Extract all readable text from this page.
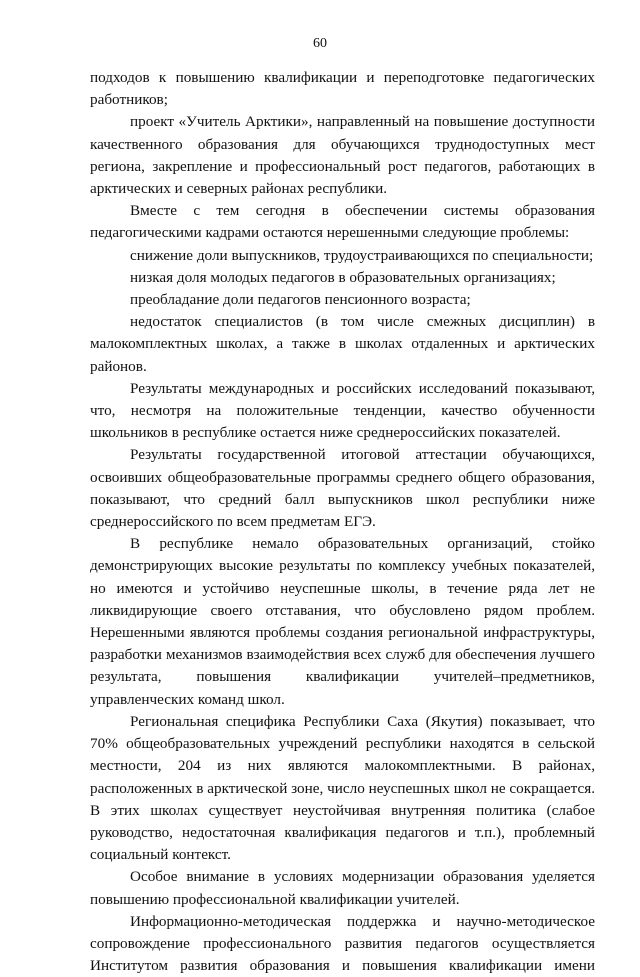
60

подходов к повышению квалификации и переподготовке педагогических работников;

проект «Учитель Арктики», направленный на повышение доступности качественного образования для обучающихся труднодоступных мест региона, закрепление и профессиональный рост педагогов, работающих в арктических и северных районах республики.

Вместе с тем сегодня в обеспечении системы образования педагогическими кадрами остаются нерешенными следующие проблемы:

снижение доли выпускников, трудоустраивающихся по специальности;

низкая доля молодых педагогов в образовательных организациях;

преобладание доли педагогов пенсионного возраста;

недостаток специалистов (в том числе смежных дисциплин) в малокомплектных школах, а также в школах отдаленных и арктических районов.

Результаты международных и российских исследований показывают, что, несмотря на положительные тенденции, качество обученности школьников в республике остается ниже среднероссийских показателей.

Результаты государственной итоговой аттестации обучающихся, освоивших общеобразовательные программы среднего общего образования, показывают, что средний балл выпускников школ республики ниже среднероссийского по всем предметам ЕГЭ.

В республике немало образовательных организаций, стойко демонстрирующих высокие результаты по комплексу учебных показателей, но имеются и устойчиво неуспешные школы, в течение ряда лет не ликвидирующие своего отставания, что обусловлено рядом проблем. Нерешенными являются проблемы создания региональной инфраструктуры, разработки механизмов взаимодействия всех служб для обеспечения лучшего результата, повышения квалификации учителей–предметников, управленческих команд школ.

Региональная специфика Республики Саха (Якутия) показывает, что 70% общеобразовательных учреждений республики находятся в сельской местности, 204 из них являются малокомплектными. В районах, расположенных в арктической зоне, число неуспешных школ не сокращается. В этих школах существует неустойчивая внутренняя политика (слабое руководство, недостаточная квалификация педагогов и т.п.), проблемный социальный контекст.

Особое внимание в условиях модернизации образования уделяется повышению профессиональной квалификации учителей.

Информационно-методическая поддержка и научно-методическое сопровождение профессионального развития педагогов осуществляется Институтом развития образования и повышения квалификации имени
